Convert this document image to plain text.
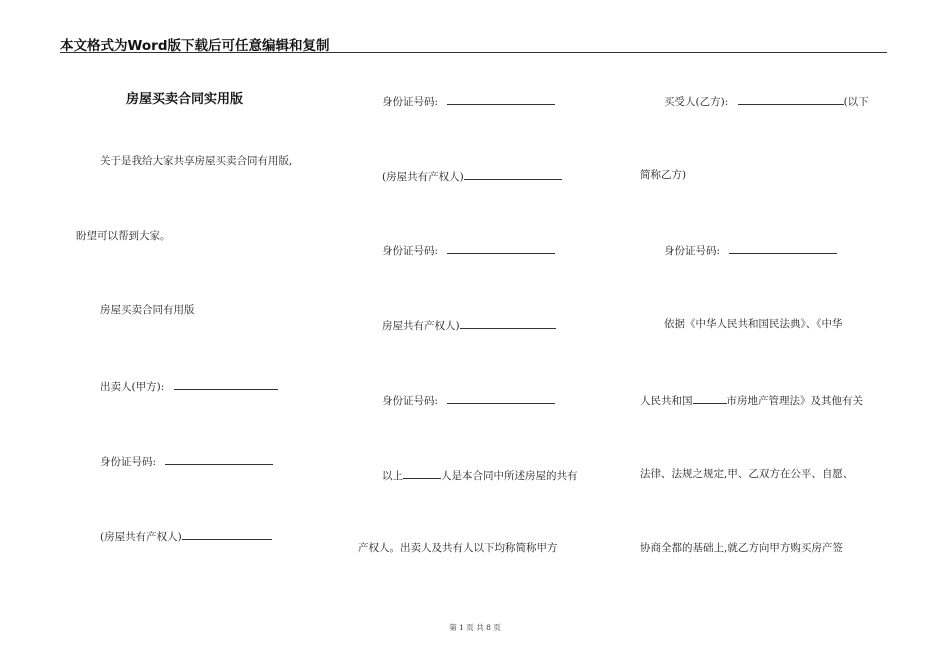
本文格式为Word版下载后可任意编辑和复制
房屋买卖合同实用版
关于是我给大家共享房屋买卖合同有用版,
盼望可以帮到大家。
房屋买卖合同有用版
出卖人(甲方):
身份证号码:
(房屋共有产权人)
身份证号码:
(房屋共有产权人)
身份证号码:
房屋共有产权人)
身份证号码:
以上	人是本合同中所述房屋的共有
产权人。出卖人及共有人以下均称简称甲方
买受人(乙方):	(以下
简称乙方)
身份证号码:
依据《中华人民共和国民法典》、《中华
人民共和国	市房地产管理法》及其他有关
法律、法规之规定,甲、乙双方在公平、自愿、
协商全都的基础上,就乙方向甲方购买房产签
第 1 页 共 8 页
